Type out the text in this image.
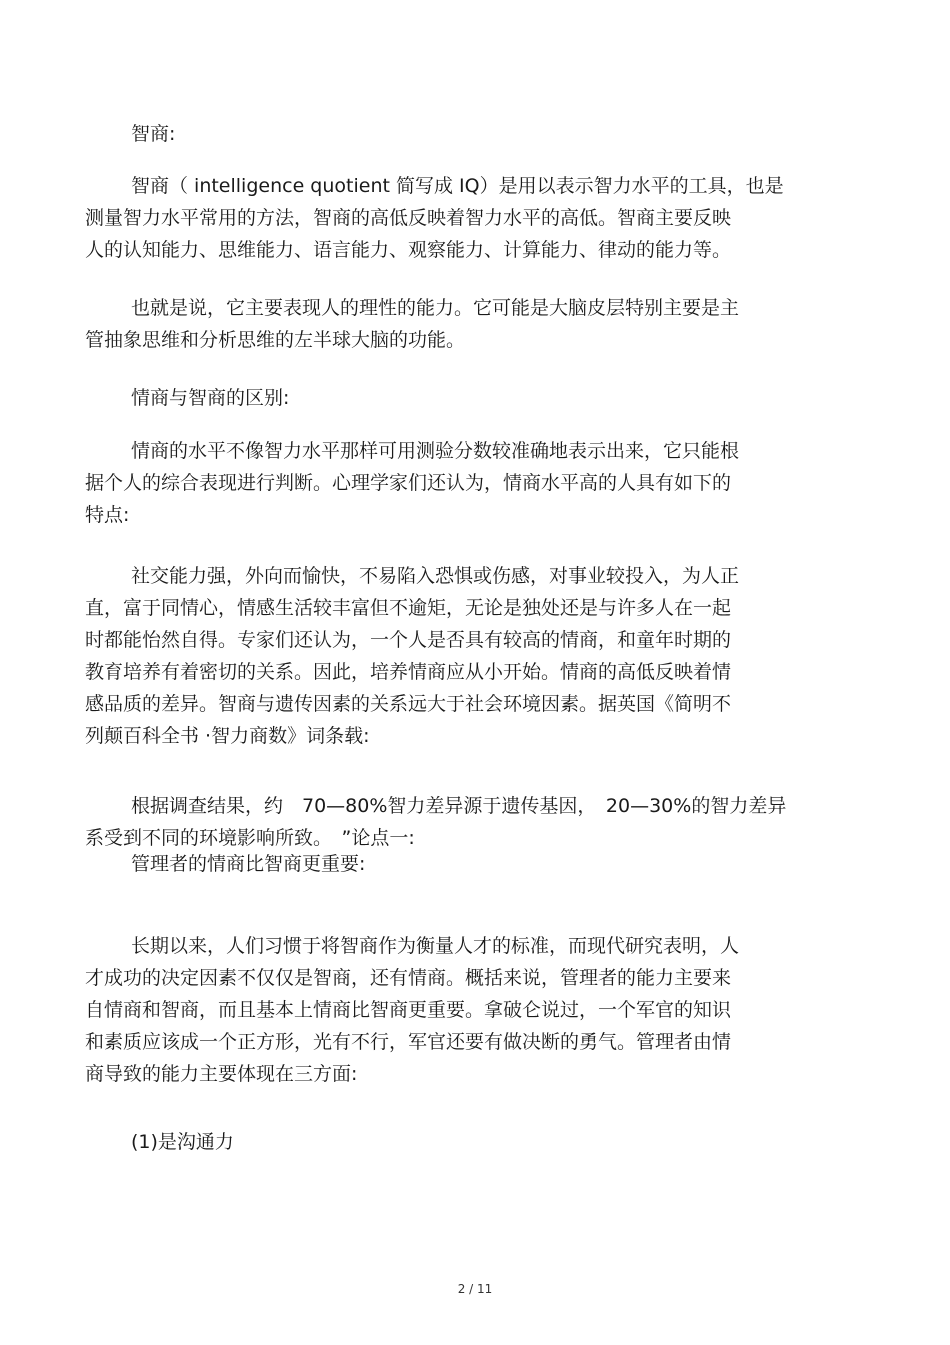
智商:

智商（ intelligence quotient 简写成 IQ）是用以表示智力水平的工具，也是
测量智力水平常用的方法，智商的高低反映着智力水平的高低。智商主要反映
人的认知能力、思维能力、语言能力、观察能力、计算能力、律动的能力等。

也就是说，它主要表现人的理性的能力。它可能是大脑皮层特别主要是主
管抽象思维和分析思维的左半球大脑的功能。

情商与智商的区别:

情商的水平不像智力水平那样可用测验分数较准确地表示出来，它只能根
据个人的综合表现进行判断。心理学家们还认为，情商水平高的人具有如下的
特点:

社交能力强，外向而愉快，不易陷入恐惧或伤感，对事业较投入，为人正
直，富于同情心，情感生活较丰富但不逾矩，无论是独处还是与许多人在一起
时都能怡然自得。专家们还认为，一个人是否具有较高的情商，和童年时期的
教育培养有着密切的关系。因此，培养情商应从小开始。情商的高低反映着情
感品质的差异。智商与遗传因素的关系远大于社会环境因素。据英国《简明不
列颠百科全书 ·智力商数》词条载:

根据调查结果，约　70—80%智力差异源于遗传基因，　20—30%的智力差异
系受到不同的环境影响所致。　”论点一:

管理者的情商比智商更重要:

长期以来，人们习惯于将智商作为衡量人才的标准，而现代研究表明，人
才成功的决定因素不仅仅是智商，还有情商。概括来说，管理者的能力主要来
自情商和智商，而且基本上情商比智商更重要。拿破仑说过，一个军官的知识
和素质应该成一个正方形，光有不行，军官还要有做决断的勇气。管理者由情
商导致的能力主要体现在三方面:

(1)是沟通力

2 / 11
